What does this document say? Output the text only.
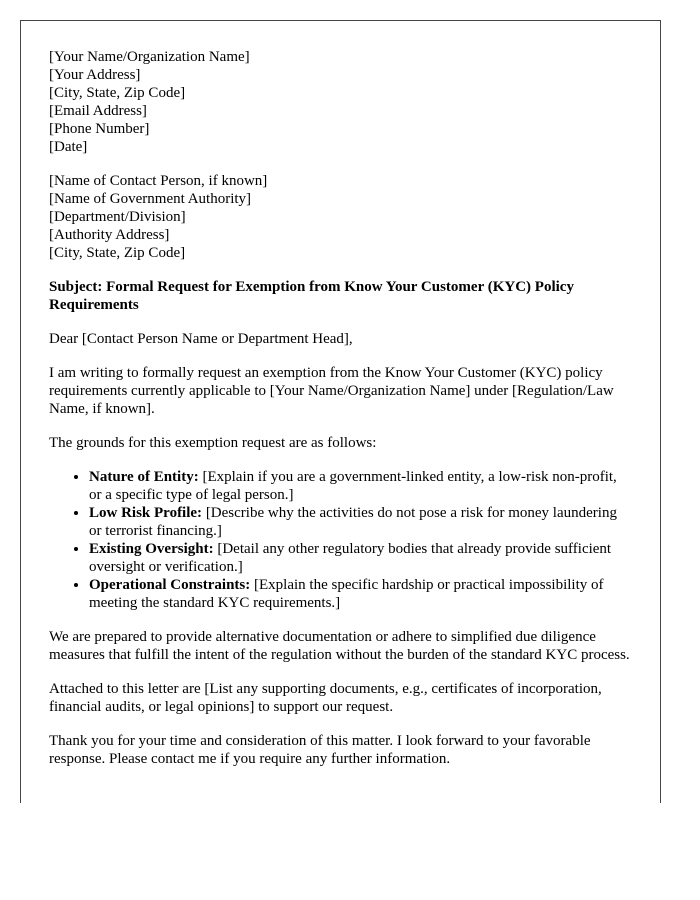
[Your Name/Organization Name]
[Your Address]
[City, State, Zip Code]
[Email Address]
[Phone Number]
[Date]
[Name of Contact Person, if known]
[Name of Government Authority]
[Department/Division]
[Authority Address]
[City, State, Zip Code]

Subject: Formal Request for Exemption from Know Your Customer (KYC) Policy Requirements

Dear [Contact Person Name or Department Head],

I am writing to formally request an exemption from the Know Your Customer (KYC) policy requirements currently applicable to [Your Name/Organization Name] under [Regulation/Law Name, if known].

The grounds for this exemption request are as follows:

• Nature of Entity: [Explain if you are a government-linked entity, a low-risk non-profit, or a specific type of legal person.]
• Low Risk Profile: [Describe why the activities do not pose a risk for money laundering or terrorist financing.]
• Existing Oversight: [Detail any other regulatory bodies that already provide sufficient oversight or verification.]
• Operational Constraints: [Explain the specific hardship or practical impossibility of meeting the standard KYC requirements.]

We are prepared to provide alternative documentation or adhere to simplified due diligence measures that fulfill the intent of the regulation without the burden of the standard KYC process.

Attached to this letter are [List any supporting documents, e.g., certificates of incorporation, financial audits, or legal opinions] to support our request.

Thank you for your time and consideration of this matter. I look forward to your favorable response. Please contact me if you require any further information.
